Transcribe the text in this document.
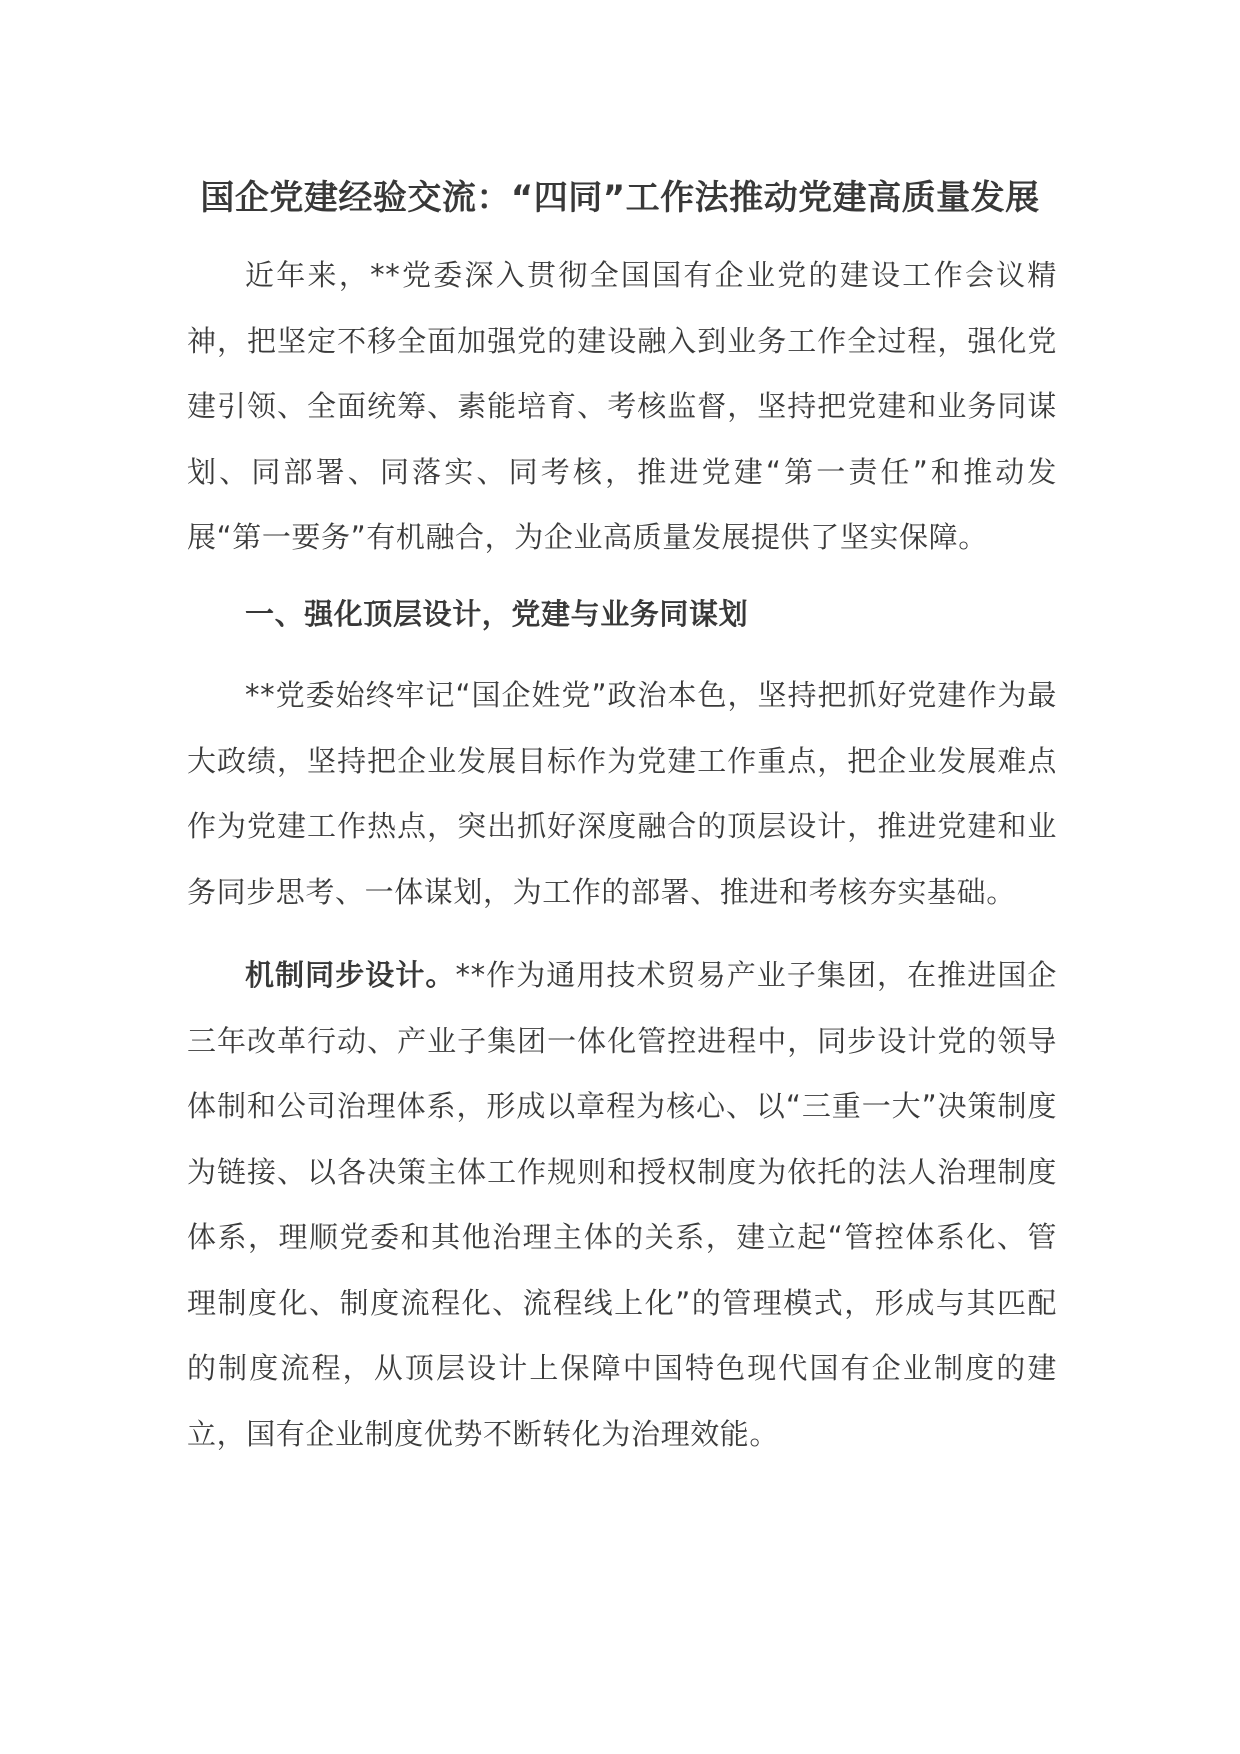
国企党建经验交流：“四同”工作法推动党建高质量发展

近年来，**党委深入贯彻全国国有企业党的建设工作会议精神，把坚定不移全面加强党的建设融入到业务工作全过程，强化党建引领、全面统筹、素能培育、考核监督，坚持把党建和业务同谋划、同部署、同落实、同考核，推进党建“第一责任”和推动发展“第一要务”有机融合，为企业高质量发展提供了坚实保障。

一、强化顶层设计，党建与业务同谋划

**党委始终牢记“国企姓党”政治本色，坚持把抓好党建作为最大政绩，坚持把企业发展目标作为党建工作重点，把企业发展难点作为党建工作热点，突出抓好深度融合的顶层设计，推进党建和业务同步思考、一体谋划，为工作的部署、推进和考核夯实基础。

机制同步设计。**作为通用技术贸易产业子集团，在推进国企三年改革行动、产业子集团一体化管控进程中，同步设计党的领导体制和公司治理体系，形成以章程为核心、以“三重一大”决策制度为链接、以各决策主体工作规则和授权制度为依托的法人治理制度体系，理顺党委和其他治理主体的关系，建立起“管控体系化、管理制度化、制度流程化、流程线上化”的管理模式，形成与其匹配的制度流程，从顶层设计上保障中国特色现代国有企业制度的建立，国有企业制度优势不断转化为治理效能。
